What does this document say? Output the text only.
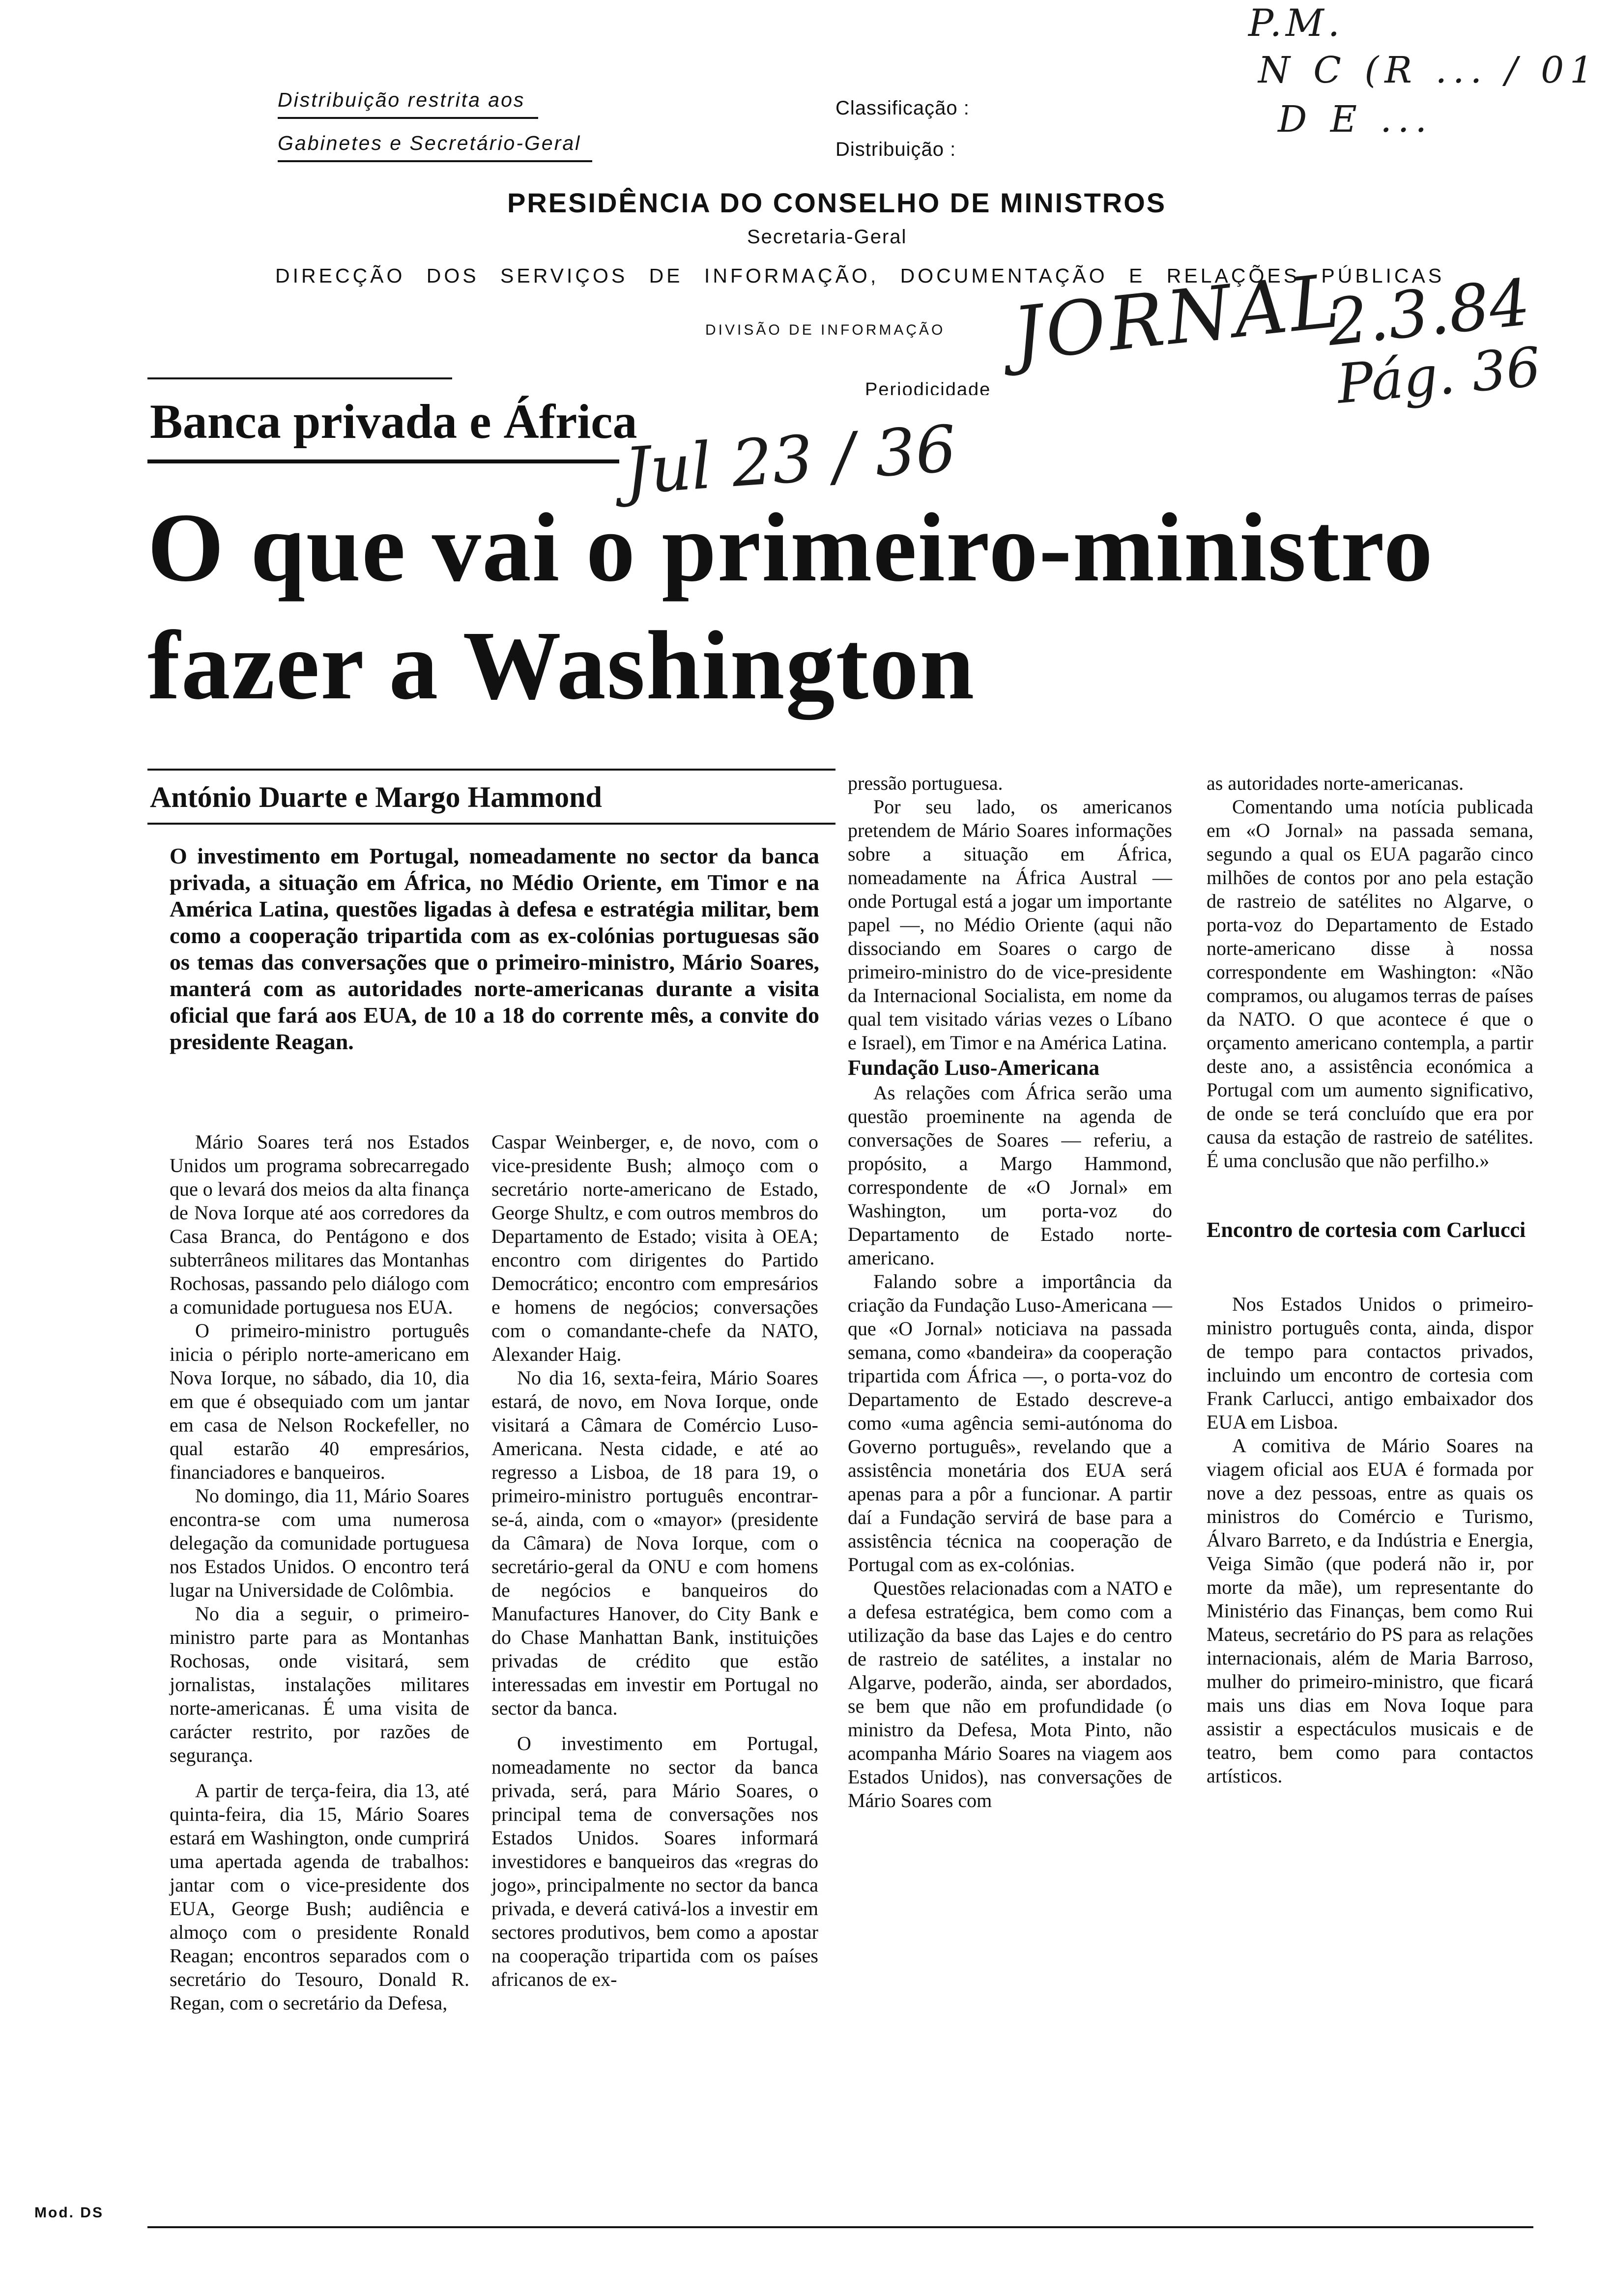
Distribuição restrita aos
Gabinetes e Secretário-Geral
Classificação :
Distribuição :
PRESIDÊNCIA DO CONSELHO DE MINISTROS
Secretaria-Geral
DIRECÇÃO DOS SERVIÇOS DE INFORMAÇÃO, DOCUMENTAÇÃO E RELAÇÕES PÚBLICAS
DIVISÃO DE INFORMAÇÃO
Periodicidade
P.M.
N C (R ... / 01
D E ...
JORNAL
2.3.84
Pág. 36
Jul 23 / 36
Banca privada e África
O que vai o primeiro-ministro
fazer a Washington
António Duarte e Margo Hammond
O investimento em Portugal, nomeadamente no sector da banca privada, a situação em África, no Médio Oriente, em Timor e na América Latina, questões ligadas à defesa e estratégia militar, bem como a cooperação tripartida com as ex-colónias portuguesas são os temas das conversações que o primeiro-ministro, Mário Soares, manterá com as autoridades norte-americanas durante a visita oficial que fará aos EUA, de 10 a 18 do corrente mês, a convite do presidente Reagan.

Mário Soares terá nos Estados Unidos um programa sobrecarregado que o levará dos meios da alta finança de Nova Iorque até aos corredores da Casa Branca, do Pentágono e dos subterrâneos militares das Montanhas Rochosas, passando pelo diálogo com a comunidade portuguesa nos EUA.

O primeiro-ministro português inicia o périplo norte-americano em Nova Iorque, no sábado, dia 10, dia em que é obsequiado com um jantar em casa de Nelson Rockefeller, no qual estarão 40 empresários, financiadores e banqueiros.

No domingo, dia 11, Mário Soares encontra-se com uma numerosa delegação da comunidade portuguesa nos Estados Unidos. O encontro terá lugar na Universidade de Colômbia.

No dia a seguir, o primeiro-ministro parte para as Montanhas Rochosas, onde visitará, sem jornalistas, instalações militares norte-americanas. É uma visita de carácter restrito, por razões de segurança.

A partir de terça-feira, dia 13, até quinta-feira, dia 15, Mário Soares estará em Washington, onde cumprirá uma apertada agenda de trabalhos: jantar com o vice-presidente dos EUA, George Bush; audiência e almoço com o presidente Ronald Reagan; encontros separados com o secretário do Tesouro, Donald R. Regan, com o secretário da Defesa,

Caspar Weinberger, e, de novo, com o vice-presidente Bush; almoço com o secretário norte-americano de Estado, George Shultz, e com outros membros do Departamento de Estado; visita à OEA; encontro com dirigentes do Partido Democrático; encontro com empresários e homens de negócios; conversações com o comandante-chefe da NATO, Alexander Haig.

No dia 16, sexta-feira, Mário Soares estará, de novo, em Nova Iorque, onde visitará a Câmara de Comércio Luso-Americana. Nesta cidade, e até ao regresso a Lisboa, de 18 para 19, o primeiro-ministro português encontrar-se-á, ainda, com o «mayor» (presidente da Câmara) de Nova Iorque, com o secretário-geral da ONU e com homens de negócios e banqueiros do Manufactures Hanover, do City Bank e do Chase Manhattan Bank, instituições privadas de crédito que estão interessadas em investir em Portugal no sector da banca.

O investimento em Portugal, nomeadamente no sector da banca privada, será, para Mário Soares, o principal tema de conversações nos Estados Unidos. Soares informará investidores e banqueiros das «regras do jogo», principalmente no sector da banca privada, e deverá cativá-los a investir em sectores produtivos, bem como a apostar na cooperação tripartida com os países africanos de ex-

pressão portuguesa.

Por seu lado, os americanos pretendem de Mário Soares informações sobre a situação em África, nomeadamente na África Austral — onde Portugal está a jogar um importante papel —, no Médio Oriente (aqui não dissociando em Soares o cargo de primeiro-ministro do de vice-presidente da Internacional Socialista, em nome da qual tem visitado várias vezes o Líbano e Israel), em Timor e na América Latina.

Fundação Luso-Americana

As relações com África serão uma questão proeminente na agenda de conversações de Soares — referiu, a propósito, a Margo Hammond, correspondente de «O Jornal» em Washington, um porta-voz do Departamento de Estado norte-americano.

Falando sobre a importância da criação da Fundação Luso-Americana — que «O Jornal» noticiava na passada semana, como «bandeira» da cooperação tripartida com África —, o porta-voz do Departamento de Estado descreve-a como «uma agência semi-autónoma do Governo português», revelando que a assistência monetária dos EUA será apenas para a pôr a funcionar. A partir daí a Fundação servirá de base para a assistência técnica na cooperação de Portugal com as ex-colónias.

Questões relacionadas com a NATO e a defesa estratégica, bem como com a utilização da base das Lajes e do centro de rastreio de satélites, a instalar no Algarve, poderão, ainda, ser abordados, se bem que não em profundidade (o ministro da Defesa, Mota Pinto, não acompanha Mário Soares na viagem aos Estados Unidos), nas conversações de Mário Soares com

as autoridades norte-americanas.

Comentando uma notícia publicada em «O Jornal» na passada semana, segundo a qual os EUA pagarão cinco milhões de contos por ano pela estação de rastreio de satélites no Algarve, o porta-voz do Departamento de Estado norte-americano disse à nossa correspondente em Washington: «Não compramos, ou alugamos terras de países da NATO. O que acontece é que o orçamento americano contempla, a partir deste ano, a assistência económica a Portugal com um aumento significativo, de onde se terá concluído que era por causa da estação de rastreio de satélites. É uma conclusão que não perfilho.»

Encontro de cortesia com Carlucci

Nos Estados Unidos o primeiro-ministro português conta, ainda, dispor de tempo para contactos privados, incluindo um encontro de cortesia com Frank Carlucci, antigo embaixador dos EUA em Lisboa.

A comitiva de Mário Soares na viagem oficial aos EUA é formada por nove a dez pessoas, entre as quais os ministros do Comércio e Turismo, Álvaro Barreto, e da Indústria e Energia, Veiga Simão (que poderá não ir, por morte da mãe), um representante do Ministério das Finanças, bem como Rui Mateus, secretário do PS para as relações internacionais, além de Maria Barroso, mulher do primeiro-ministro, que ficará mais uns dias em Nova Ioque para assistir a espectáculos musicais e de teatro, bem como para contactos artísticos.

Mod. DS
